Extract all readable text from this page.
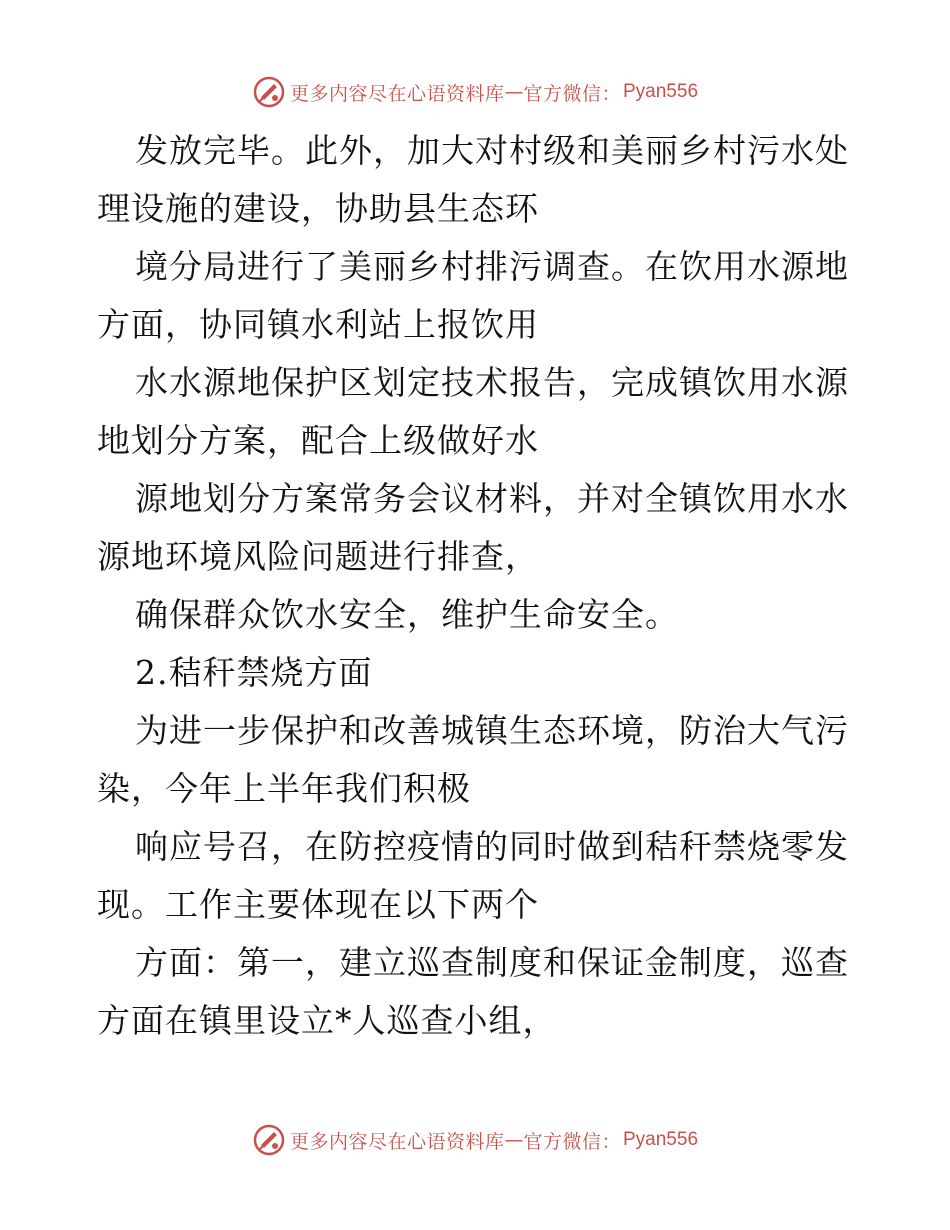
更多内容尽在心语资料库 — 官方微信： Pyan556
发放完毕。此外，加大对村级和美丽乡村污水处
理设施的建设，协助县生态环
境分局进行了美丽乡村排污调查。在饮用水源地
方面，协同镇水利站上报饮用
水水源地保护区划定技术报告，完成镇饮用水源
地划分方案，配合上级做好水
源地划分方案常务会议材料，并对全镇饮用水水
源地环境风险问题进行排查，
确保群众饮水安全，维护生命安全。
2.秸秆禁烧方面
为进一步保护和改善城镇生态环境，防治大气污
染，今年上半年我们积极
响应号召，在防控疫情的同时做到秸秆禁烧零发
现。工作主要体现在以下两个
方面：第一，建立巡查制度和保证金制度，巡查
方面在镇里设立*人巡查小组，
更多内容尽在心语资料库 — 官方微信： Pyan556
